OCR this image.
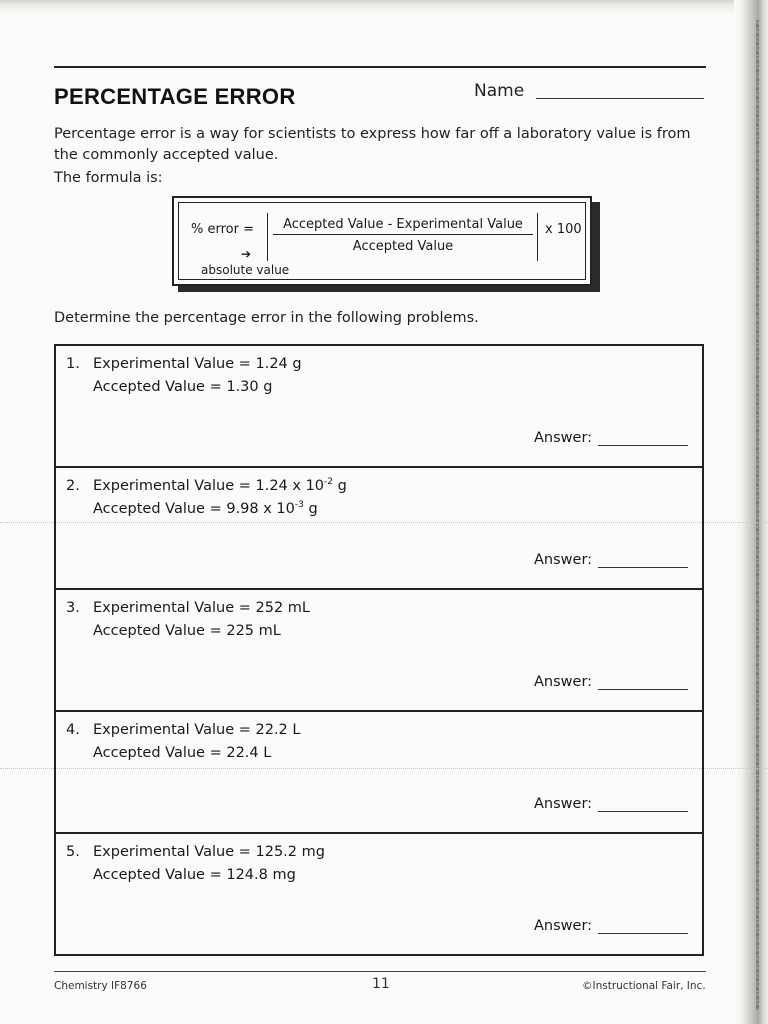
PERCENTAGE ERROR	Name
Percentage error is a way for scientists to express how far off a laboratory value is from the commonly accepted value.
The formula is:
% error =	Accepted Value - Experimental Value
Accepted Value
x 100
➔
absolute value
Determine the percentage error in the following problems.
1. Experimental Value = 1.24 g
Accepted Value = 1.30 g
Answer:
2. Experimental Value = 1.24 x $10^{-2}$ g
Accepted Value = 9.98 x $10^{-3}$ g
Answer:
3. Experimental Value = 252 mL
Accepted Value = 225 mL
Answer:
4. Experimental Value = 22.2 L
Accepted Value = 22.4 L
Answer:
5. Experimental Value = 125.2 mg
Accepted Value = 124.8 mg
Answer:
Chemistry IF8766	11	©Instructional Fair, Inc.
